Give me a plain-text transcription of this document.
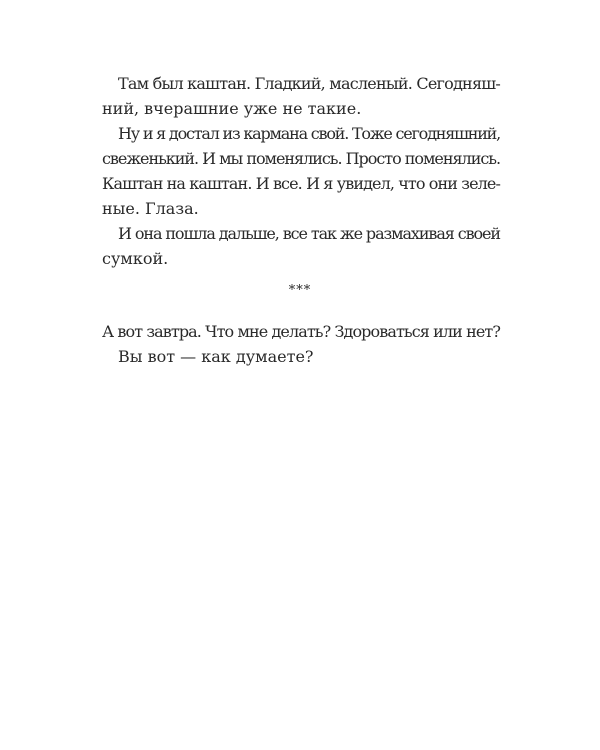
Там был каштан. Гладкий, масленый. Сегодняш-
ний, вчерашние уже не такие.
Ну и я достал из кармана свой. Тоже сегодняшний,
свеженький. И мы поменялись. Просто поменялись.
Каштан на каштан. И все. И я увидел, что они зеле-
ные. Глаза.
И она пошла дальше, все так же размахивая своей
сумкой.
***
А вот завтра. Что мне делать? Здороваться или нет?
Вы вот — как думаете?
